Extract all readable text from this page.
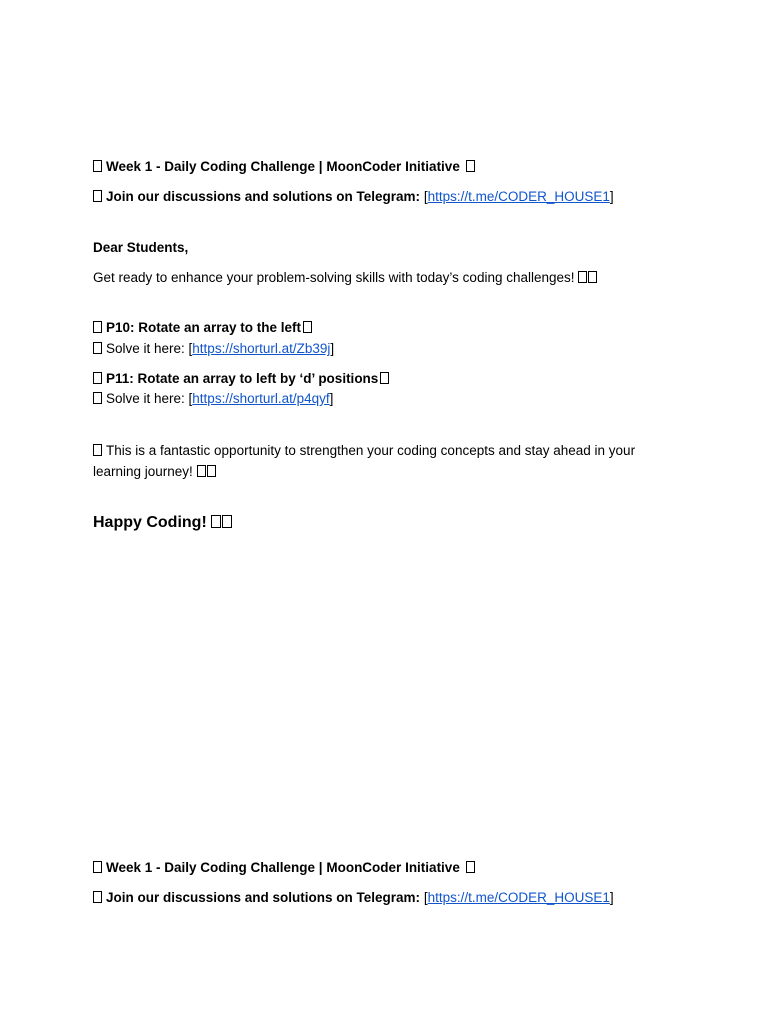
Week 1 - Daily Coding Challenge | MoonCoder Initiative
Join our discussions and solutions on Telegram: [https://t.me/CODER_HOUSE1]
Dear Students,
Get ready to enhance your problem-solving skills with today’s coding challenges!
P10: Rotate an array to the left
Solve it here: [https://shorturl.at/Zb39j]
P11: Rotate an array to left by ‘d’ positions
Solve it here: [https://shorturl.at/p4qyf]
This is a fantastic opportunity to strengthen your coding concepts and stay ahead in your learning journey!
Happy Coding!
Week 1 - Daily Coding Challenge | MoonCoder Initiative
Join our discussions and solutions on Telegram: [https://t.me/CODER_HOUSE1]
